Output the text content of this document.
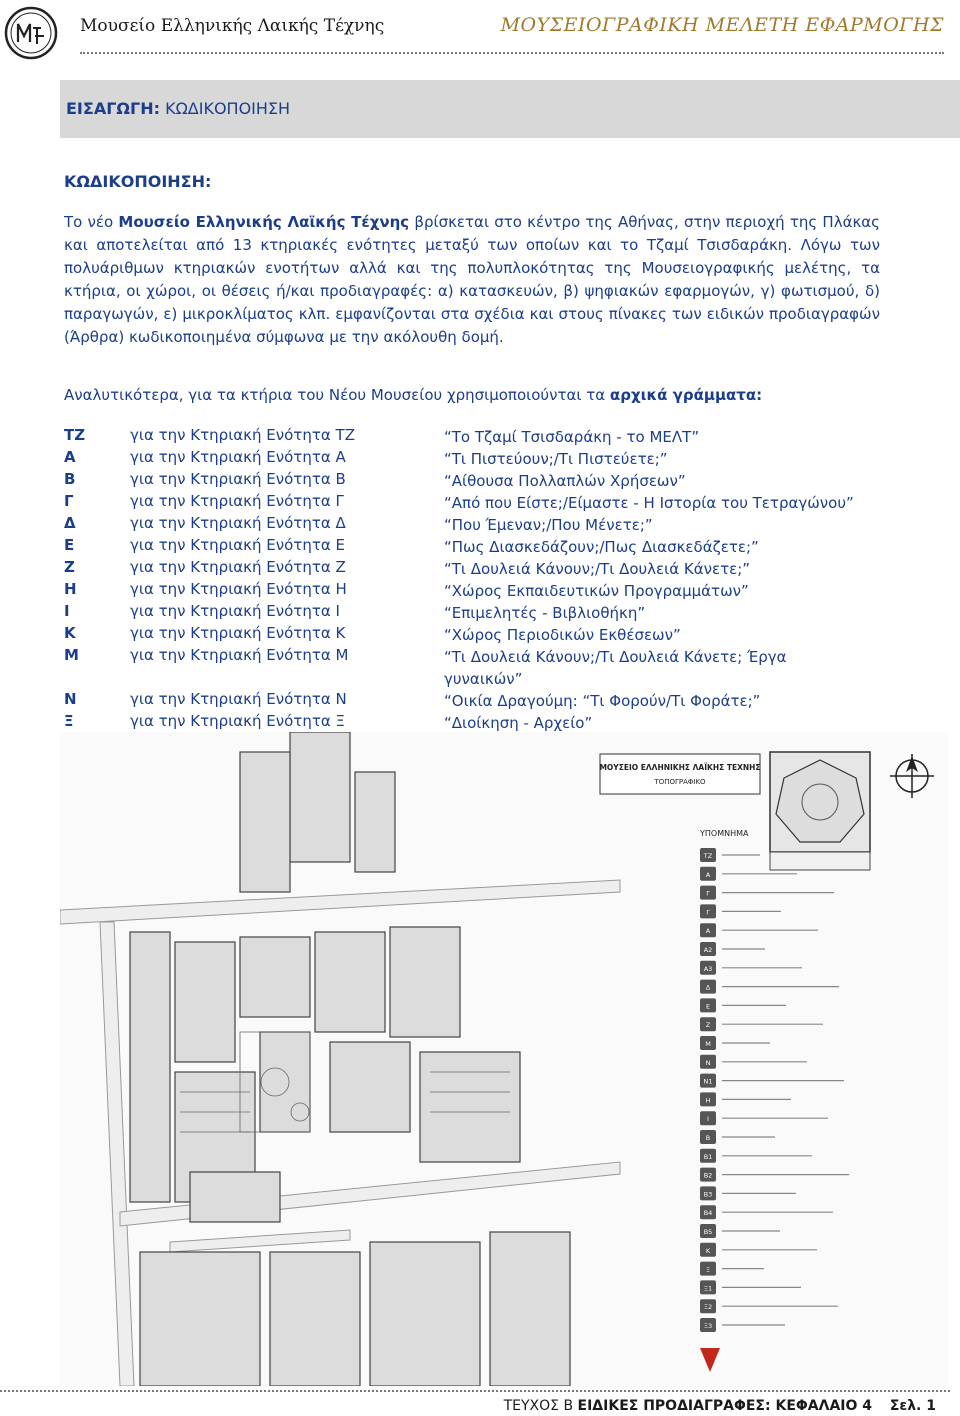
Μουσείο Ελληνικής Λαικής Τέχνης	ΜΟΥΣΕΙΟΓΡΑΦΙΚΗ ΜΕΛΕΤΗ ΕΦΑΡΜΟΓΗΣ
ΕΙΣΑΓΩΓΗ: ΚΩΔΙΚΟΠΟΙΗΣΗ
ΚΩΔΙΚΟΠΟΙΗΣΗ:
Το νέο Μουσείο Ελληνικής Λαϊκής Τέχνης βρίσκεται στο κέντρο της Αθήνας, στην περιοχή της Πλάκας και αποτελείται από 13 κτηριακές ενότητες μεταξύ των οποίων και το Τζαμί Τσισδαράκη. Λόγω των πολυάριθμων κτηριακών ενοτήτων αλλά και της πολυπλοκότητας της Μουσειογραφικής μελέτης, τα κτήρια, οι χώροι, οι θέσεις ή/και προδιαγραφές: α) κατασκευών, β) ψηφιακών εφαρμογών, γ) φωτισμού, δ) παραγωγών, ε) μικροκλίματος κλπ. εμφανίζονται στα σχέδια και στους πίνακες των ειδικών προδιαγραφών (Άρθρα) κωδικοποιημένα σύμφωνα με την ακόλουθη δομή.
Αναλυτικότερα, για τα κτήρια του Νέου Μουσείου χρησιμοποιούνται τα αρχικά γράμματα:
ΤΖ	για την Κτηριακή Ενότητα ΤΖ	“Το Τζαμί Τσισδαράκη - το ΜΕΛΤ”
Α	για την Κτηριακή Ενότητα Α	“Τι Πιστεύουν;/Τι Πιστεύετε;”
Β	για την Κτηριακή Ενότητα Β	“Αίθουσα Πολλαπλών Χρήσεων”
Γ	για την Κτηριακή Ενότητα Γ	“Από που Είστε;/Είμαστε - Η Ιστορία του Τετραγώνου”
Δ	για την Κτηριακή Ενότητα Δ	“Που Έμεναν;/Που Μένετε;”
Ε	για την Κτηριακή Ενότητα Ε	“Πως Διασκεδάζουν;/Πως Διασκεδάζετε;”
Ζ	για την Κτηριακή Ενότητα Ζ	“Τι Δουλειά Κάνουν;/Τι Δουλειά Κάνετε;”
Η	για την Κτηριακή Ενότητα Η	“Χώρος Εκπαιδευτικών Προγραμμάτων”
Ι	για την Κτηριακή Ενότητα Ι	“Επιμελητές - Βιβλιοθήκη”
Κ	για την Κτηριακή Ενότητα Κ	“Χώρος Περιοδικών Εκθέσεων”
Μ	για την Κτηριακή Ενότητα Μ	“Τι Δουλειά Κάνουν;/Τι Δουλειά Κάνετε; Έργα γυναικών”
Ν	για την Κτηριακή Ενότητα Ν	“Οικία Δραγούμη: “Τι Φορούν/Τι Φοράτε;”
Ξ	για την Κτηριακή Ενότητα Ξ	“Διοίκηση - Αρχείο”
ΜΟΥΣΕΙΟ ΕΛΛΗΝΙΚΗΣ ΛΑΪΚΗΣ ΤΕΧΝΗΣ
ΤΟΠΟΓΡΑΦΙΚΟ
ΥΠΟΜΝΗΜΑ
ΤΖ
Α
Γ
Γ
Α
Α2
Α3
Δ
Ε
Ζ
Μ
Ν
Ν1
Η
Ι
Β
Β1
Β2
Β3
Β4
Β5
Κ
Ξ
Ξ1
Ξ2
Ξ3
ΤΕΥΧΟΣ Β ΕΙΔΙΚΕΣ ΠΡΟΔΙΑΓΡΑΦΕΣ: ΚΕΦΑΛΑΙΟ 4 Σελ. 1
